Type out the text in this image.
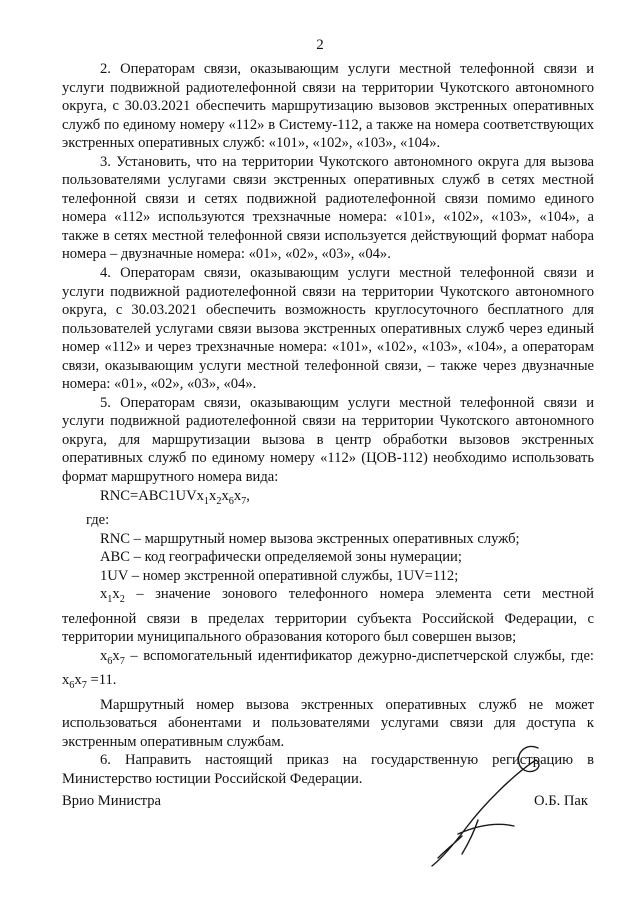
2

2. Операторам связи, оказывающим услуги местной телефонной связи и услуги подвижной радиотелефонной связи на территории Чукотского автономного округа, с 30.03.2021 обеспечить маршрутизацию вызовов экстренных оперативных служб по единому номеру «112» в Систему-112, а также на номера соответствующих экстренных оперативных служб: «101», «102», «103», «104».

3. Установить, что на территории Чукотского автономного округа для вызова пользователями услугами связи экстренных оперативных служб в сетях местной телефонной связи и сетях подвижной радиотелефонной связи помимо единого номера «112» используются трехзначные номера: «101», «102», «103», «104», а также в сетях местной телефонной связи используется действующий формат набора номера – двузначные номера: «01», «02», «03», «04».

4. Операторам связи, оказывающим услуги местной телефонной связи и услуги подвижной радиотелефонной связи на территории Чукотского автономного округа, с 30.03.2021 обеспечить возможность круглосуточного бесплатного для пользователей услугами связи вызова экстренных оперативных служб через единый номер «112» и через трехзначные номера: «101», «102», «103», «104», а операторам связи, оказывающим услуги местной телефонной связи, – также через двузначные номера: «01», «02», «03», «04».

5. Операторам связи, оказывающим услуги местной телефонной связи и услуги подвижной радиотелефонной связи на территории Чукотского автономного округа, для маршрутизации вызова в центр обработки вызовов экстренных оперативных служб по единому номеру «112» (ЦОВ-112) необходимо использовать формат маршрутного номера вида:

$RNC=ABC1UVx_1x_2x_6x_7$,

где:

RNC – маршрутный номер вызова экстренных оперативных служб;

ABC – код географически определяемой зоны нумерации;

1UV – номер экстренной оперативной службы, 1UV=112;

$x_1x_2$ – значение зонового телефонного номера элемента сети местной телефонной связи в пределах территории субъекта Российской Федерации, с территории муниципального образования которого был совершен вызов;

$x_6x_7$ – вспомогательный идентификатор дежурно-диспетчерской службы, где: $x_6x_7 =11$.

Маршрутный номер вызова экстренных оперативных служб не может использоваться абонентами и пользователями услугами связи для доступа к экстренным оперативным службам.

6. Направить настоящий приказ на государственную регистрацию в Министерство юстиции Российской Федерации.

Врио Министра	О.Б. Пак
